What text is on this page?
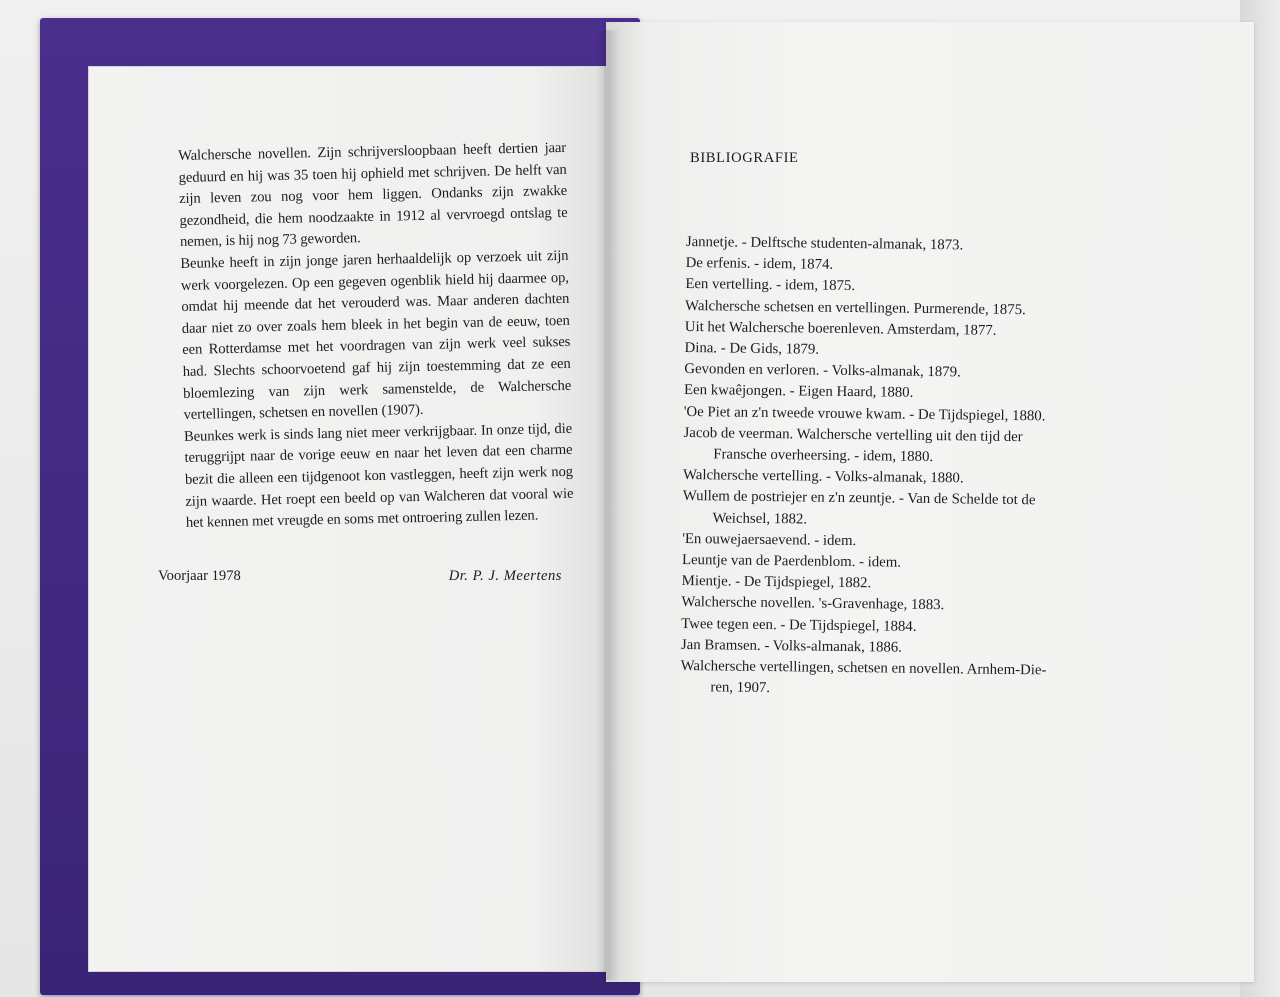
Walchersche novellen. Zijn schrijversloopbaan heeft dertien jaar geduurd en hij was 35 toen hij ophield met schrijven. De helft van zijn leven zou nog voor hem liggen. Ondanks zijn zwakke gezondheid, die hem noodzaakte in 1912 al vervroegd ontslag te nemen, is hij nog 73 geworden.

Beunke heeft in zijn jonge jaren herhaaldelijk op verzoek uit zijn werk voorgelezen. Op een gegeven ogenblik hield hij daarmee op, omdat hij meende dat het verouderd was. Maar anderen dachten daar niet zo over zoals hem bleek in het begin van de eeuw, toen een Rotterdamse met het voordragen van zijn werk veel sukses had. Slechts schoorvoetend gaf hij zijn toestemming dat ze een bloemlezing van zijn werk samenstelde, de Walchersche vertellingen, schetsen en novellen (1907).

Beunkes werk is sinds lang niet meer verkrijgbaar. In onze tijd, die teruggrijpt naar de vorige eeuw en naar het leven dat een charme bezit die alleen een tijdgenoot kon vastleggen, heeft zijn werk nog zijn waarde. Het roept een beeld op van Walcheren dat vooral wie het kennen met vreugde en soms met ontroering zullen lezen.

Voorjaar 1978	Dr. P. J. Meertens
BIBLIOGRAFIE
Jannetje. - Delftsche studenten-almanak, 1873.
De erfenis. - idem, 1874.
Een vertelling. - idem, 1875.
Walchersche schetsen en vertellingen. Purmerende, 1875.
Uit het Walchersche boerenleven. Amsterdam, 1877.
Dina. - De Gids, 1879.
Gevonden en verloren. - Volks-almanak, 1879.
Een kwaêjongen. - Eigen Haard, 1880.
'Oe Piet an z'n tweede vrouwe kwam. - De Tijdspiegel, 1880.
Jacob de veerman. Walchersche vertelling uit den tijd der
Fransche overheersing. - idem, 1880.
Walchersche vertelling. - Volks-almanak, 1880.
Wullem de postriejer en z'n zeuntje. - Van de Schelde tot de
Weichsel, 1882.
'En ouwejaersaevend. - idem.
Leuntje van de Paerdenblom. - idem.
Mientje. - De Tijdspiegel, 1882.
Walchersche novellen. 's-Gravenhage, 1883.
Twee tegen een. - De Tijdspiegel, 1884.
Jan Bramsen. - Volks-almanak, 1886.
Walchersche vertellingen, schetsen en novellen. Arnhem-Die-
ren, 1907.
